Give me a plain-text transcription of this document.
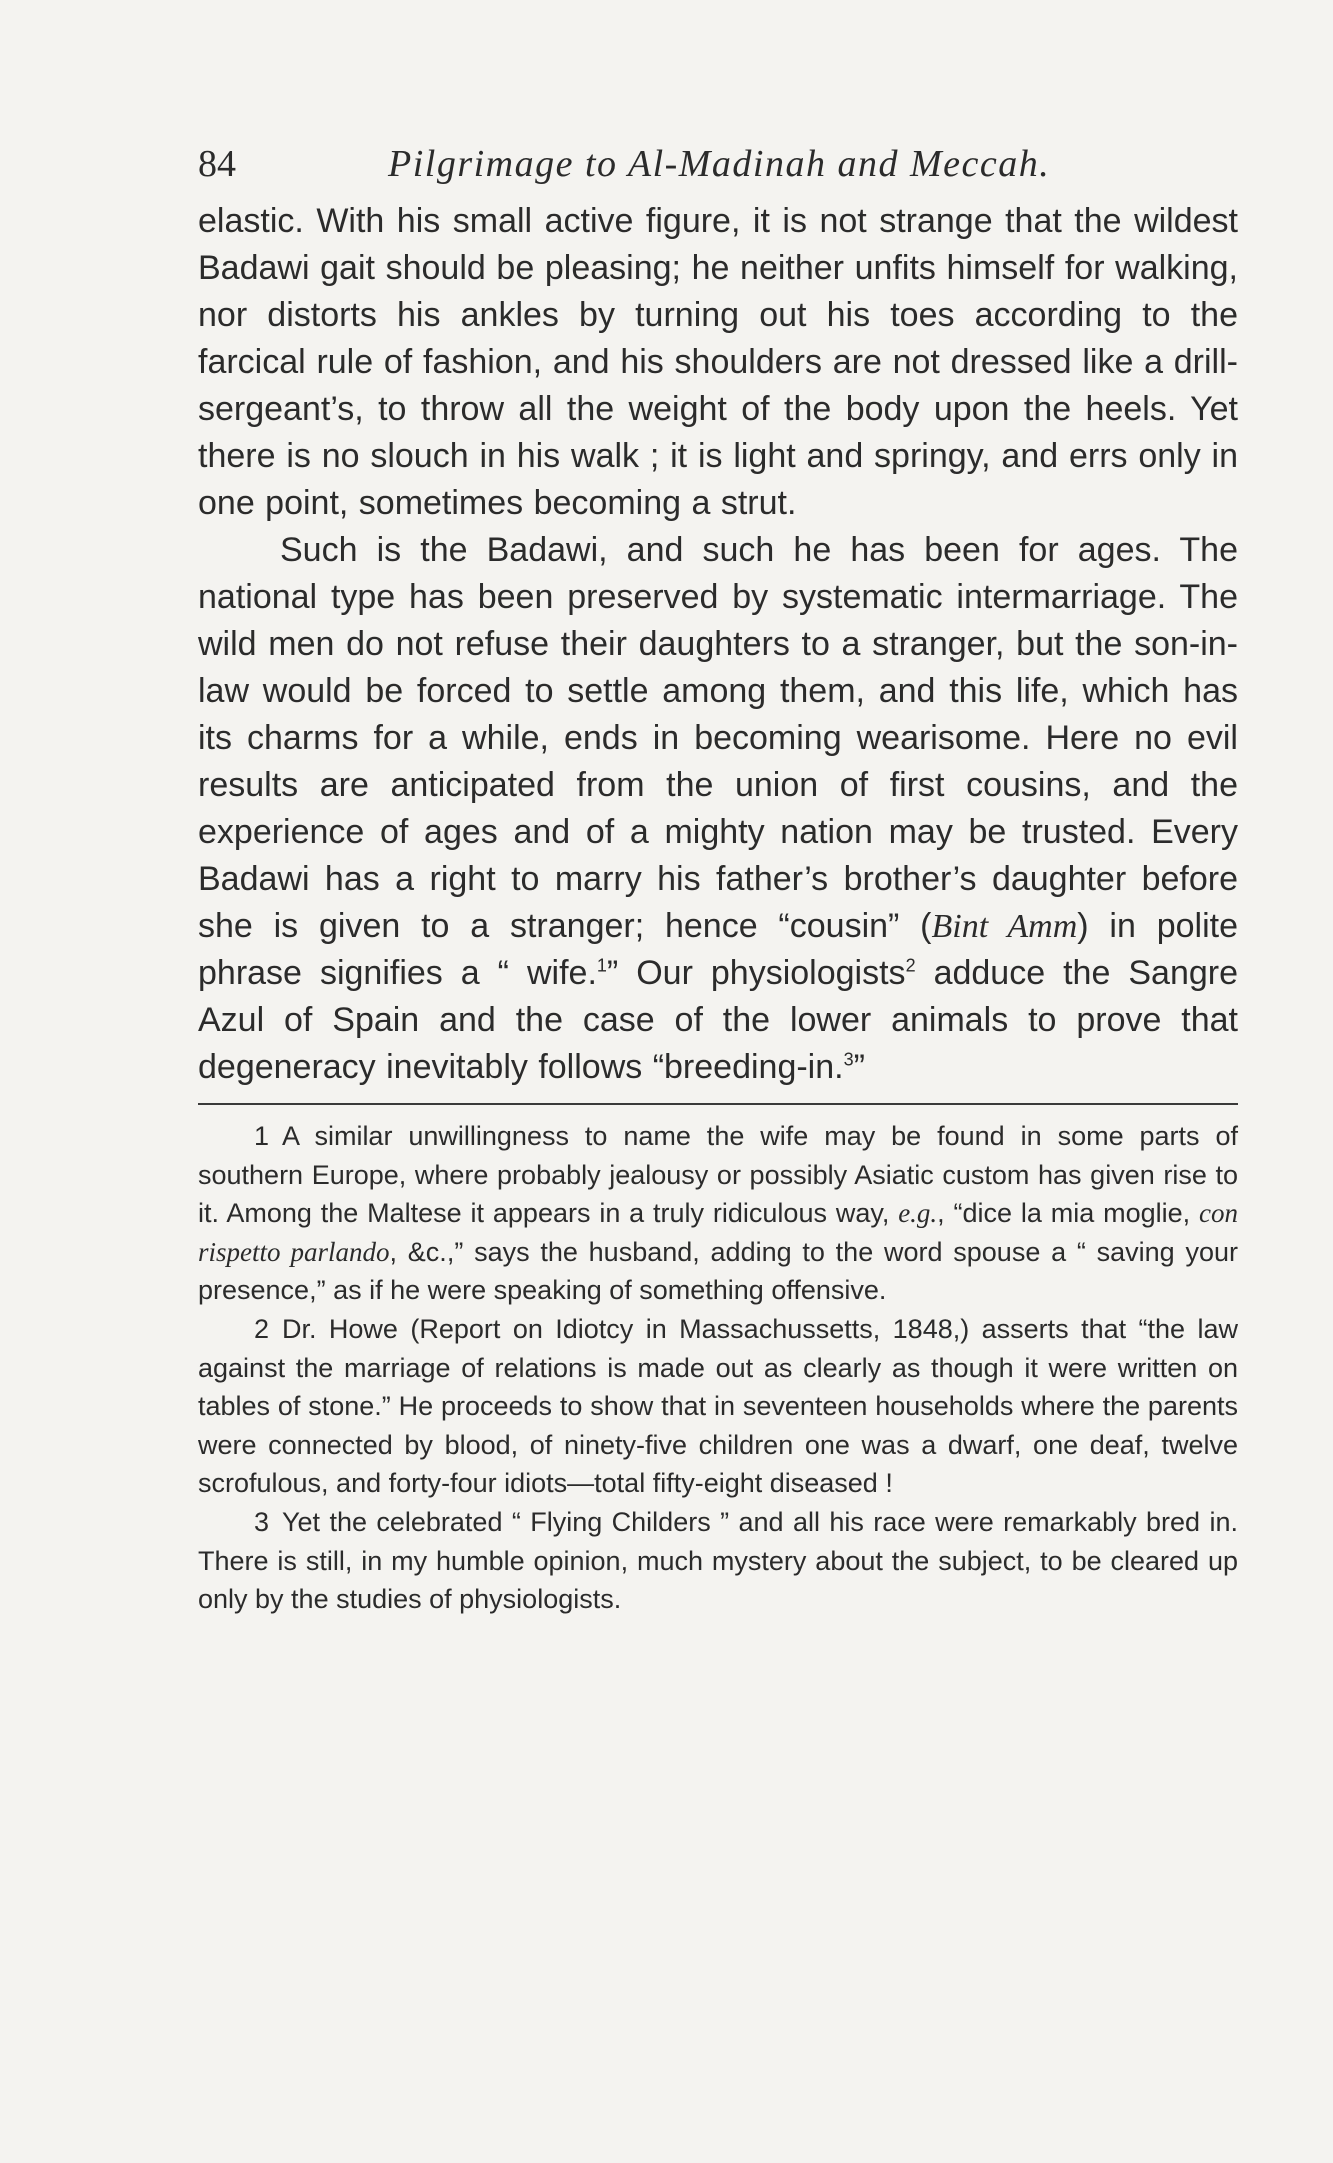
84	Pilgrimage to Al-Madinah and Meccah.

elastic. With his small active figure, it is not strange that the wildest Badawi gait should be pleasing; he neither unfits himself for walking, nor distorts his ankles by turning out his toes according to the farcical rule of fashion, and his shoulders are not dressed like a drill-sergeant’s, to throw all the weight of the body upon the heels. Yet there is no slouch in his walk ; it is light and springy, and errs only in one point, sometimes becoming a strut.

Such is the Badawi, and such he has been for ages. The national type has been preserved by systematic intermarriage. The wild men do not refuse their daughters to a stranger, but the son-in-law would be forced to settle among them, and this life, which has its charms for a while, ends in becoming wearisome. Here no evil results are anticipated from the union of first cousins, and the experience of ages and of a mighty nation may be trusted. Every Badawi has a right to marry his father’s brother’s daughter before she is given to a stranger; hence “cousin” (Bint Amm) in polite phrase signifies a “ wife.$^1$” Our physiologists$^2$ adduce the Sangre Azul of Spain and the case of the lower animals to prove that degeneracy inevitably follows “breeding-in.$^3$”

1 A similar unwillingness to name the wife may be found in some parts of southern Europe, where probably jealousy or possibly Asiatic custom has given rise to it. Among the Maltese it appears in a truly ridiculous way, e.g., “dice la mia moglie, con rispetto parlando, &c.,” says the husband, adding to the word spouse a “ saving your presence,” as if he were speaking of something offensive.

2 Dr. Howe (Report on Idiotcy in Massachussetts, 1848,) asserts that “the law against the marriage of relations is made out as clearly as though it were written on tables of stone.” He proceeds to show that in seventeen households where the parents were connected by blood, of ninety-five children one was a dwarf, one deaf, twelve scrofulous, and forty-four idiots—total fifty-eight diseased !

3 Yet the celebrated “ Flying Childers ” and all his race were remarkably bred in. There is still, in my humble opinion, much mystery about the subject, to be cleared up only by the studies of physiologists.
